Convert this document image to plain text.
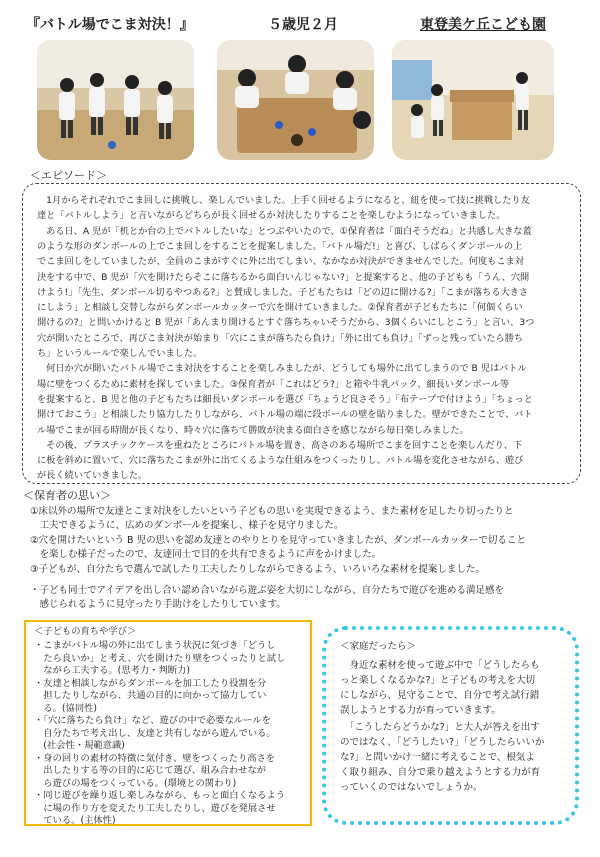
『バトル場でこま対決！』	５歳児２月	東登美ケ丘こども園
＜エピソード＞
　1月からそれぞれでこま回しに挑戦し、楽しんでいました。上手く回せるようになると、紐を使って技に挑戦したり友
達と「バトルしよう」と言いながらどちらが長く回せるか対決したりすることを楽しむようになっていきました。
　ある日、A 児が「机とか台の上でバトルしたいな」とつぶやいたので、①保育者は「面白そうだね」と共感し大きな蓋
のような形のダンボールの上でこま回しをすることを提案しました。「バトル場だ!」と喜び、しばらくダンボールの上
でこま回しをしていましたが、全員のこまがすぐに外に出てしまい、なかなか対決ができませんでした。何度もこま対
決をする中で、B 児が「穴を開けたらそこに落ちるから面白いんじゃない?」と提案すると、他の子どもも「うん、穴開
けよう!」「先生、ダンボール切るやつある?」と賛成しました。子どもたちは「どの辺に開ける?」「こまが落ちる大きさ
にしよう」と相談し交替しながらダンボールカッターで穴を開けていきました。②保育者が子どもたちに「何個くらい
開けるの?」と問いかけると B 児が「あんまり開けるとすぐ落ちちゃいそうだから、3個くらいにしとこう」と言い、3つ
穴が開いたところで、再びこま対決が始まり「穴にこまが落ちたら負け」「外に出ても負け」「ずっと残っていたら勝ち
ち」というルールで楽しんでいました。
　何日か穴が開いたバトル場でこま対決をすることを楽しみましたが、どうしても場外に出てしまうので B 児はバトル
場に壁をつくるために素材を探していました。③保育者が「これはどう?」と箱や牛乳パック、細長いダンボール等
を提案すると、B 児と他の子どもたちは細長いダンボールを選び「ちょうど良さそう」「布テープで付けよう」「ちょっと
開けておこう」と相談したり協力したりしながら、バトル場の端に段ボールの壁を貼りました。壁ができたことで、バト
ル場でこまが回る時間が長くなり、時々穴に落ちて勝敗が決まる面白さを感じながら毎日楽しみました。
　その後、プラスチックケースを重ねたところにバトル場を置き、高さのある場所でこまを回すことを楽しんだり、下
に板を斜めに置いて、穴に落ちたこまが外に出てくるような仕組みをつくったりし、バトル場を変化させながら、遊び
が長く続いていきました。
＜保育者の思い＞
①床以外の場所で友達とこま対決をしたいという子どもの思いを実現できるよう、また素材を足したり切ったりと
　工夫できるように、広めのダンボールを提案し、様子を見守りました。
②穴を開けたいという B 児の思いを認め友達とのやりとりを見守っていきましたが、ダンボールカッターで切ること
　を楽しむ様子だったので、友達同士で目的を共有できるように声をかけました。
③子どもが、自分たちで選んで試したり工夫したりしながらできるよう、いろいろな素材を提案しました。
・子ども同士でアイデアを出し合い認め合いながら遊ぶ姿を大切にしながら、自分たちで遊びを進める満足感を
　感じられるように見守ったり手助けをしたりしています。
＜子どもの育ちや学び＞
・こまがバトル場の外に出てしまう状況に気づき「どうし
　たら良いか」と考え、穴を開けたり壁をつくったりと試し
　ながら工夫する。(思考力・判断力)
・友達と相談しながらダンボールを加工したり役割を分
　担したりしながら、共通の目的に向かって協力してい
　る。(協同性)
・「穴に落ちたら負け」など、遊びの中で必要なルールを
　自分たちで考え出し、友達と共有しながら遊んでいる。
　(社会性・規範意識)
・身の回りの素材の特徴に気付き、壁をつくったり高さを
　出したりする等の目的に応じて選び、組み合わせなが
　ら遊びの場をつくっている。(環境との関わり)
・同じ遊びを繰り返し楽しみながら、もっと面白くなるよう
　に場の作り方を変えたり工夫したりし、遊びを発展させ
　ている。(主体性)
＜家庭だったら＞
　身近な素材を使って遊ぶ中で「どうしたらも
っと楽しくなるかな?」と子どもの考えを大切
にしながら、見守ることで、自分で考え試行錯
誤しようとする力が育っていきます。
　「こうしたらどうかな?」と大人が答えを出す
のではなく、「どうしたい?」「どうしたらいいか
な?」と問いかけ一緒に考えることで、根気よ
く取り組み、自分で乗り越えようとする力が育
っていくのではないでしょうか。
